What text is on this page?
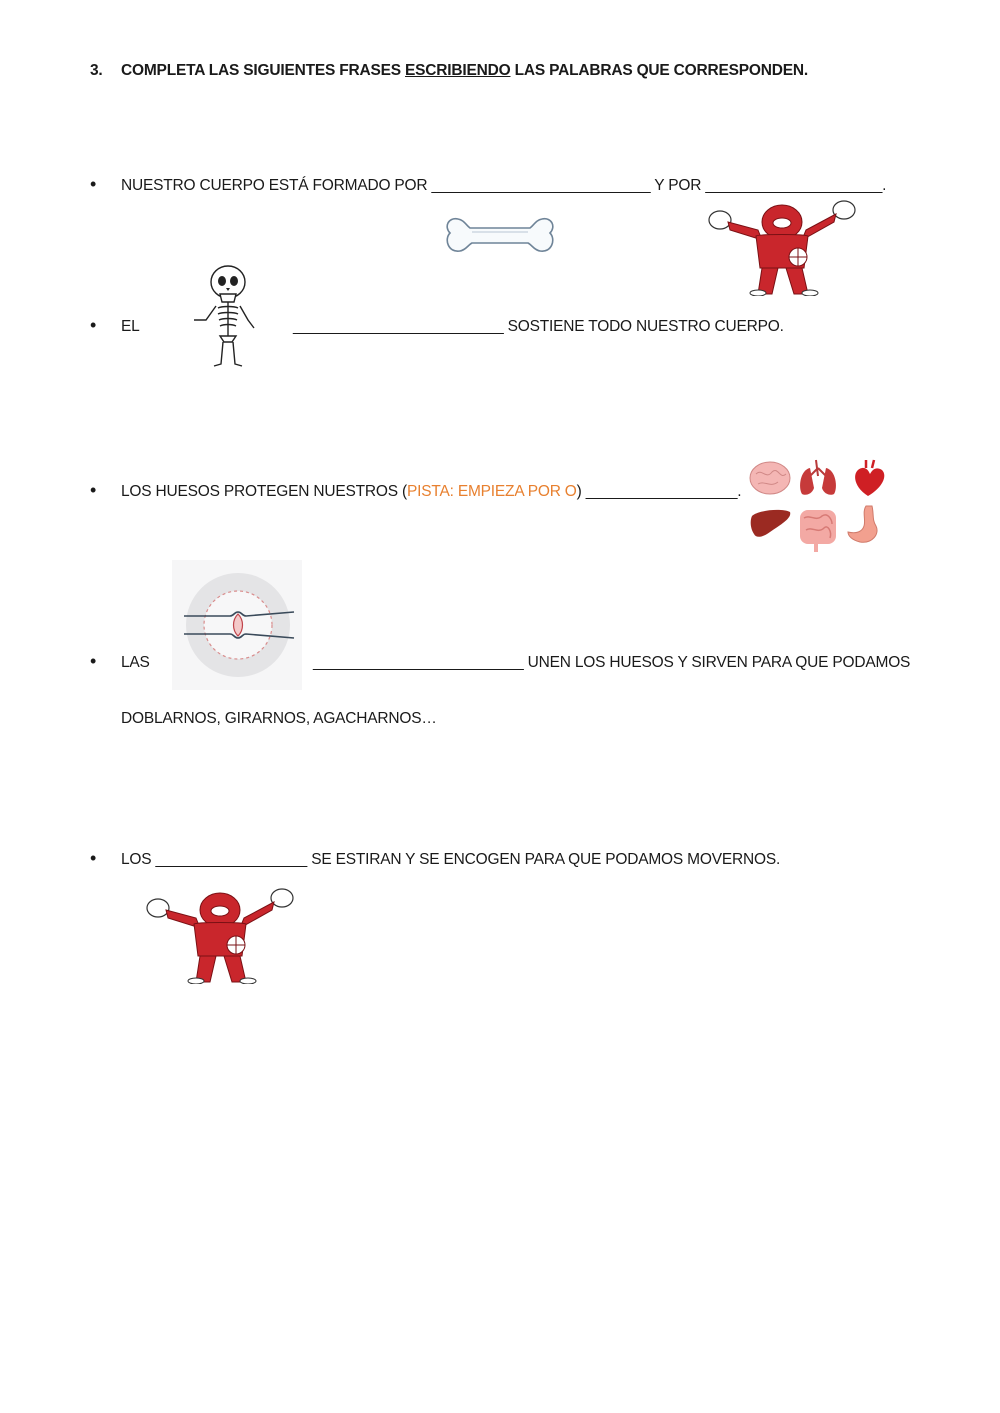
3. COMPLETA LAS SIGUIENTES FRASES ESCRIBIENDO LAS PALABRAS QUE CORRESPONDEN.
• NUESTRO CUERPO ESTÁ FORMADO POR __________________________ Y POR _____________________.
• EL	_________________________ SOSTIENE TODO NUESTRO CUERPO.
• LOS HUESOS PROTEGEN NUESTROS (PISTA: EMPIEZA POR O) __________________.
• LAS	_________________________ UNEN LOS HUESOS Y SIRVEN PARA QUE PODAMOS
DOBLARNOS, GIRARNOS, AGACHARNOS…
• LOS __________________ SE ESTIRAN Y SE ENCOGEN PARA QUE PODAMOS MOVERNOS.
